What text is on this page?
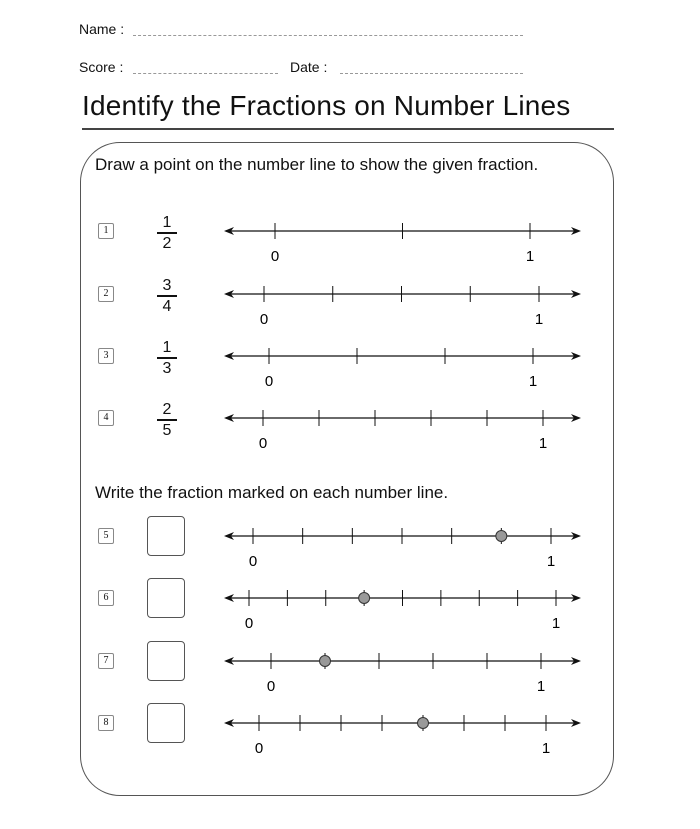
Name :
Score :	Date :
Identify the Fractions on Number Lines
Draw a point on the number line to show the given fraction.
Write the fraction marked on each number line.
1	1
2
2	3
4
3	1
3
4	2
5
5
6
7
8
0	1
0	1
0	1
0	1
0	1
0	1
0	1
0	1
